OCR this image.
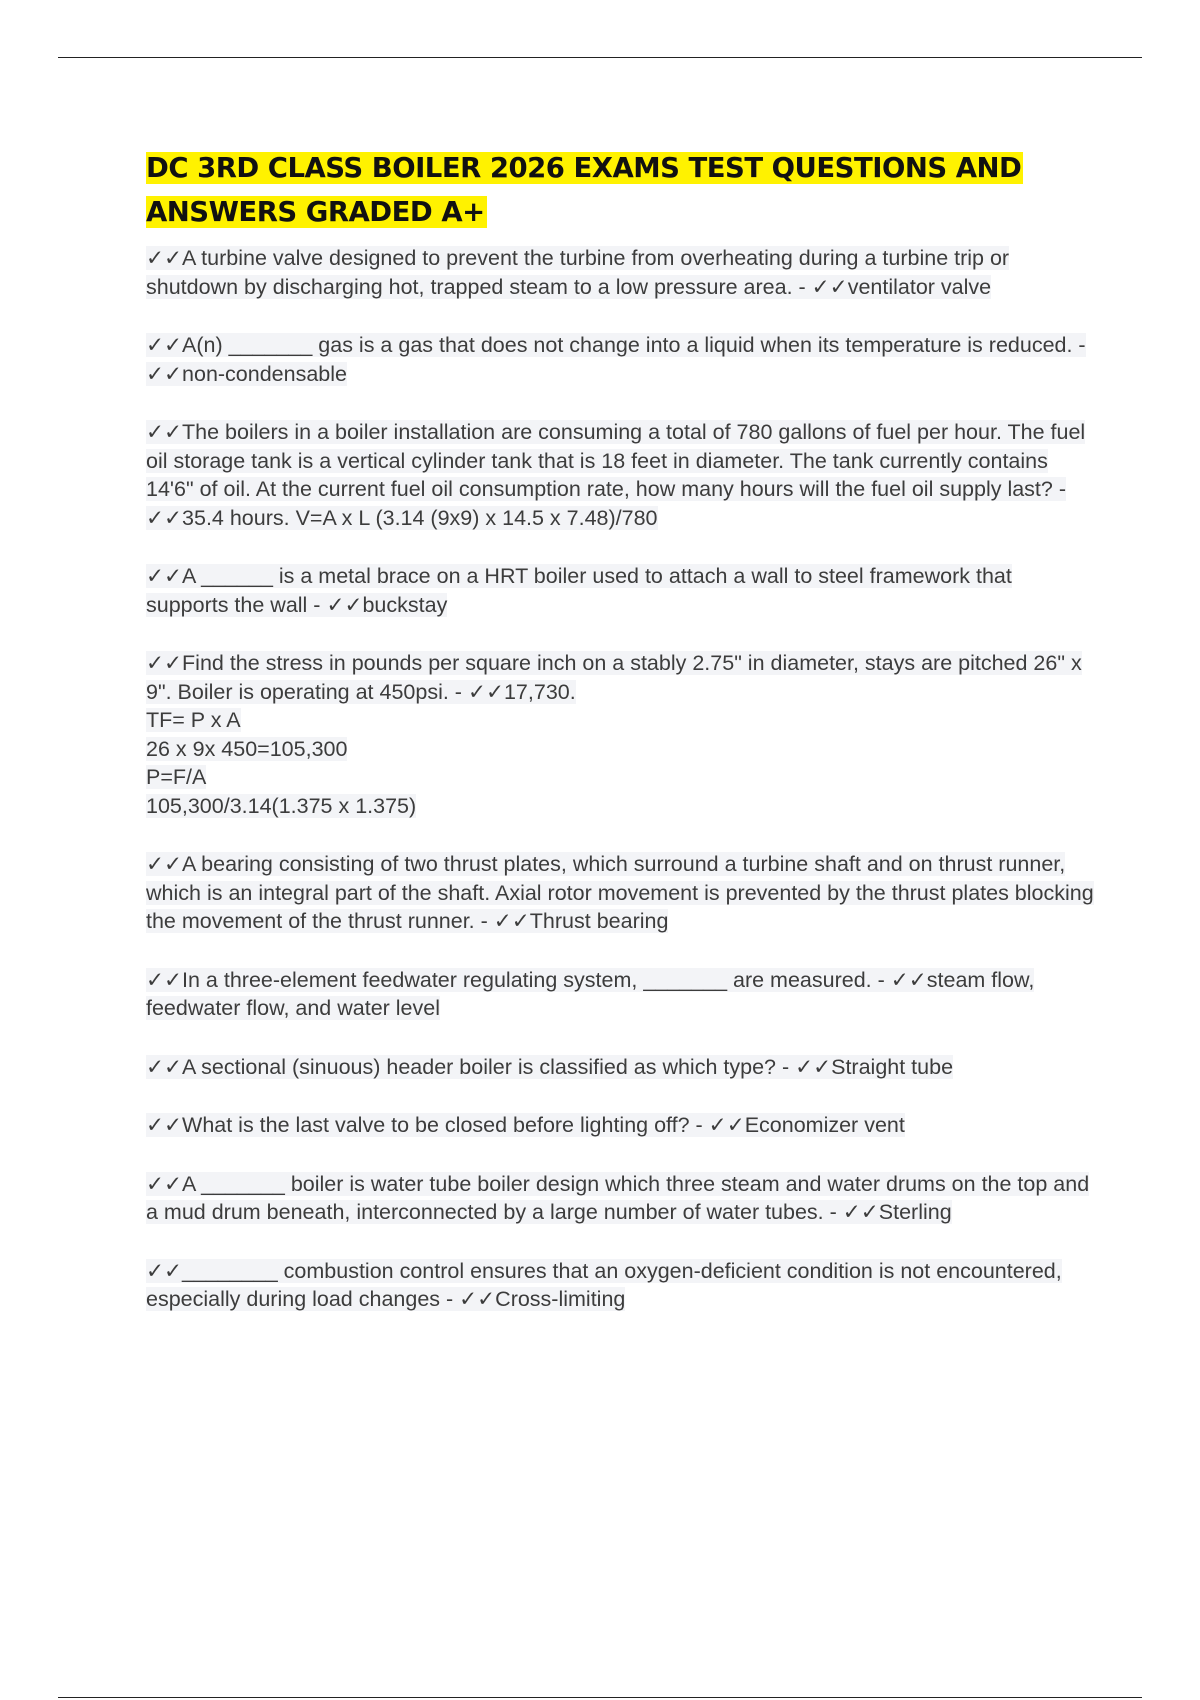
DC 3RD CLASS BOILER 2026 EXAMS TEST QUESTIONS AND ANSWERS GRADED A+

✓✓A turbine valve designed to prevent the turbine from overheating during a turbine trip or shutdown by discharging hot, trapped steam to a low pressure area. - ✓✓ventilator valve

✓✓A(n) _______ gas is a gas that does not change into a liquid when its temperature is reduced. - ✓✓non-condensable

✓✓The boilers in a boiler installation are consuming a total of 780 gallons of fuel per hour. The fuel oil storage tank is a vertical cylinder tank that is 18 feet in diameter. The tank currently contains 14'6" of oil. At the current fuel oil consumption rate, how many hours will the fuel oil supply last? - ✓✓35.4 hours. V=A x L (3.14 (9x9) x 14.5 x 7.48)/780

✓✓A ______ is a metal brace on a HRT boiler used to attach a wall to steel framework that supports the wall - ✓✓buckstay

✓✓Find the stress in pounds per square inch on a stably 2.75" in diameter, stays are pitched 26" x 9". Boiler is operating at 450psi. - ✓✓17,730.
TF= P x A
26 x 9x 450=105,300
P=F/A
105,300/3.14(1.375 x 1.375)

✓✓A bearing consisting of two thrust plates, which surround a turbine shaft and on thrust runner, which is an integral part of the shaft. Axial rotor movement is prevented by the thrust plates blocking the movement of the thrust runner. - ✓✓Thrust bearing

✓✓In a three-element feedwater regulating system, _______ are measured. - ✓✓steam flow, feedwater flow, and water level

✓✓A sectional (sinuous) header boiler is classified as which type? - ✓✓Straight tube

✓✓What is the last valve to be closed before lighting off? - ✓✓Economizer vent

✓✓A _______ boiler is water tube boiler design which three steam and water drums on the top and a mud drum beneath, interconnected by a large number of water tubes. - ✓✓Sterling

✓✓________ combustion control ensures that an oxygen-deficient condition is not encountered, especially during load changes - ✓✓Cross-limiting
